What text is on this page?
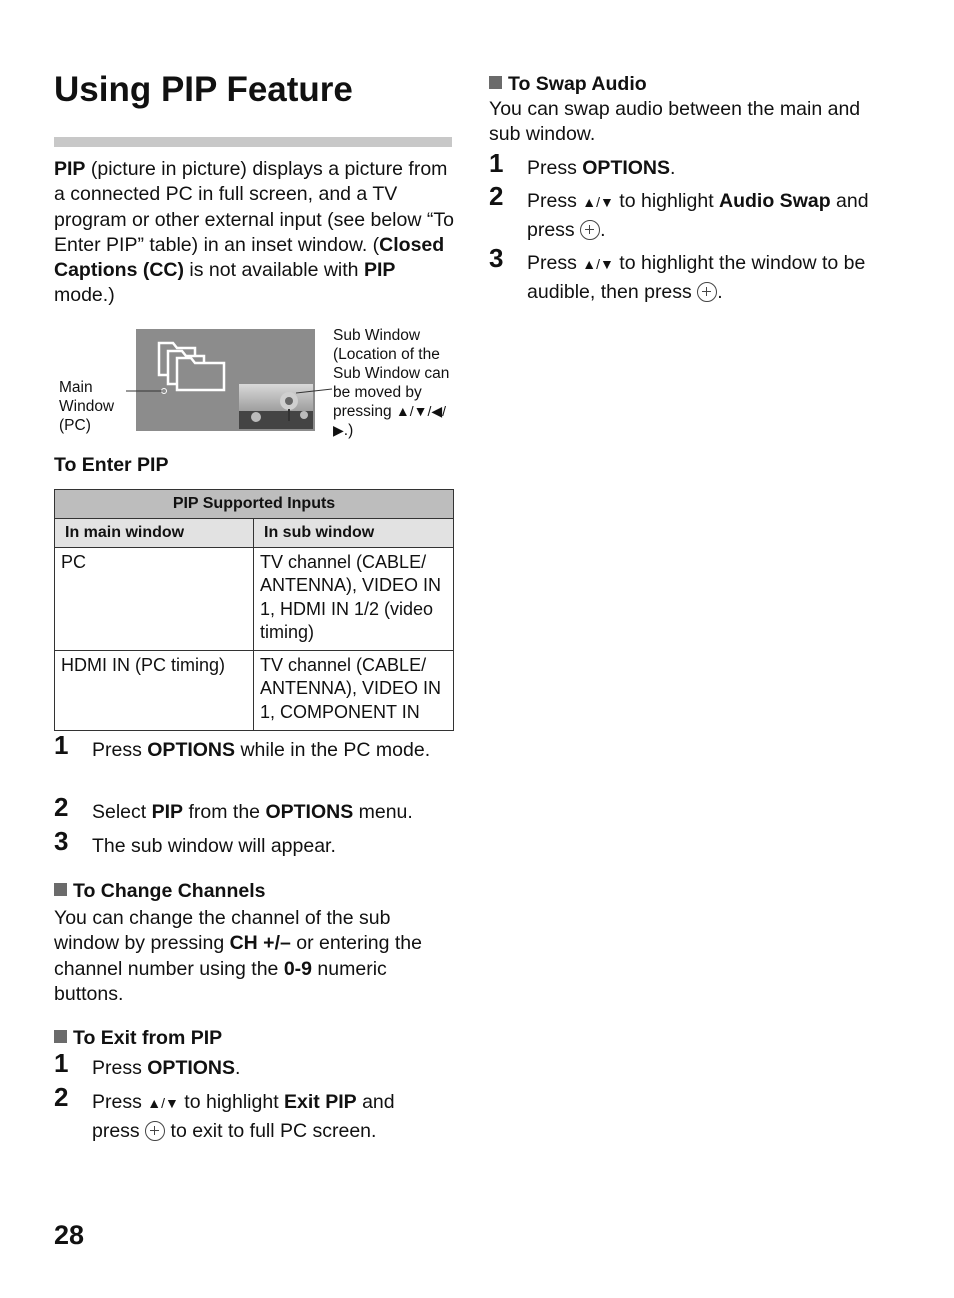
Using PIP Feature
PIP (picture in picture) displays a picture from a connected PC in full screen, and a TV program or other external input (see below “To Enter PIP” table) in an inset window. (Closed Captions (CC) is not available with PIP mode.)
Main Window (PC)
Sub Window (Location of the Sub Window can be moved by pressing ▲/▼/◀/▶.)
To Enter PIP
PIP Supported Inputs	
In main window	In sub window
PC	TV channel (CABLE/ ANTENNA), VIDEO IN 1, HDMI IN 1/2 (video timing)
HDMI IN (PC timing)	TV channel (CABLE/ ANTENNA), VIDEO IN 1, COMPONENT IN
1 Press OPTIONS while in the PC mode.
2 Select PIP from the OPTIONS menu.
3 The sub window will appear.
To Change Channels
You can change the channel of the sub window by pressing CH +/– or entering the channel number using the 0-9 numeric buttons.
To Exit from PIP
1 Press OPTIONS.
2 Press ▲/▼ to highlight Exit PIP and press  to exit to full PC screen.
28
To Swap Audio
You can swap audio between the main and sub window.
1 Press OPTIONS.
2 Press ▲/▼ to highlight Audio Swap and press .
3 Press ▲/▼ to highlight the window to be audible, then press .
